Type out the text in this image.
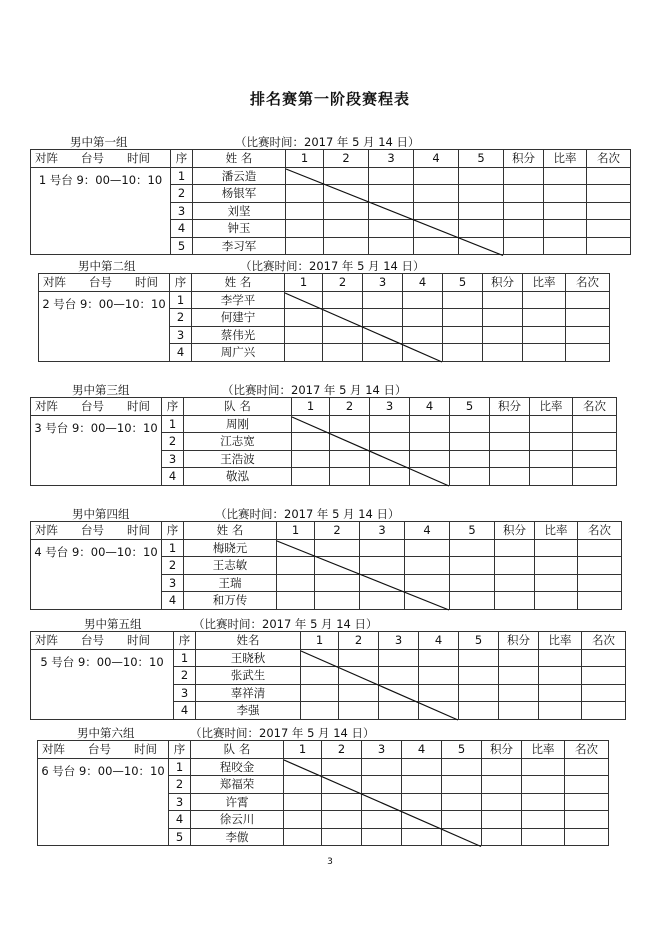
排名赛第一阶段赛程表
男中第一组	（比赛时间：2017 年 5 月 14 日）
对阵　　台号　　时间	序	姓 名	1	2	3	4	5	积分	比率	名次
1 号台 9：00—10：10	1	潘云造								
	2	杨银军								
	3	刘坚								
	4	钟玉								
	5	李习军								
男中第二组	（比赛时间：2017 年 5 月 14 日）
对阵　　台号　　时间	序	姓 名	1	2	3	4	5	积分	比率	名次
2 号台 9：00—10：10	1	李学平								
	2	何建宁								
	3	蔡伟光								
	4	周广兴								
男中第三组	（比赛时间：2017 年 5 月 14 日）
对阵　　台号　　时间	序	队 名	1	2	3	4	5	积分	比率	名次
3 号台 9：00—10：10	1	周刚								
	2	江志宽								
	3	王浩波								
	4	敬泓								
男中第四组	（比赛时间：2017 年 5 月 14 日）
对阵　　台号　　时间	序	姓 名	1	2	3	4	5	积分	比率	名次
4 号台 9：00—10：10	1	梅晓元								
	2	王志敏								
	3	王瑞								
	4	和万传								
男中第五组	（比赛时间：2017 年 5 月 14 日）
对阵　　台号　　时间	序	姓名	1	2	3	4	5	积分	比率	名次
5 号台 9：00—10：10	1	王晓秋								
	2	张武生								
	3	辜祥清								
	4	李强								
男中第六组	（比赛时间：2017 年 5 月 14 日）
对阵　　台号　　时间	序	队 名	1	2	3	4	5	积分	比率	名次
6 号台 9：00—10：10	1	程咬金								
	2	郑福荣								
	3	许霄								
	4	徐云川								
	5	李傲								
3
